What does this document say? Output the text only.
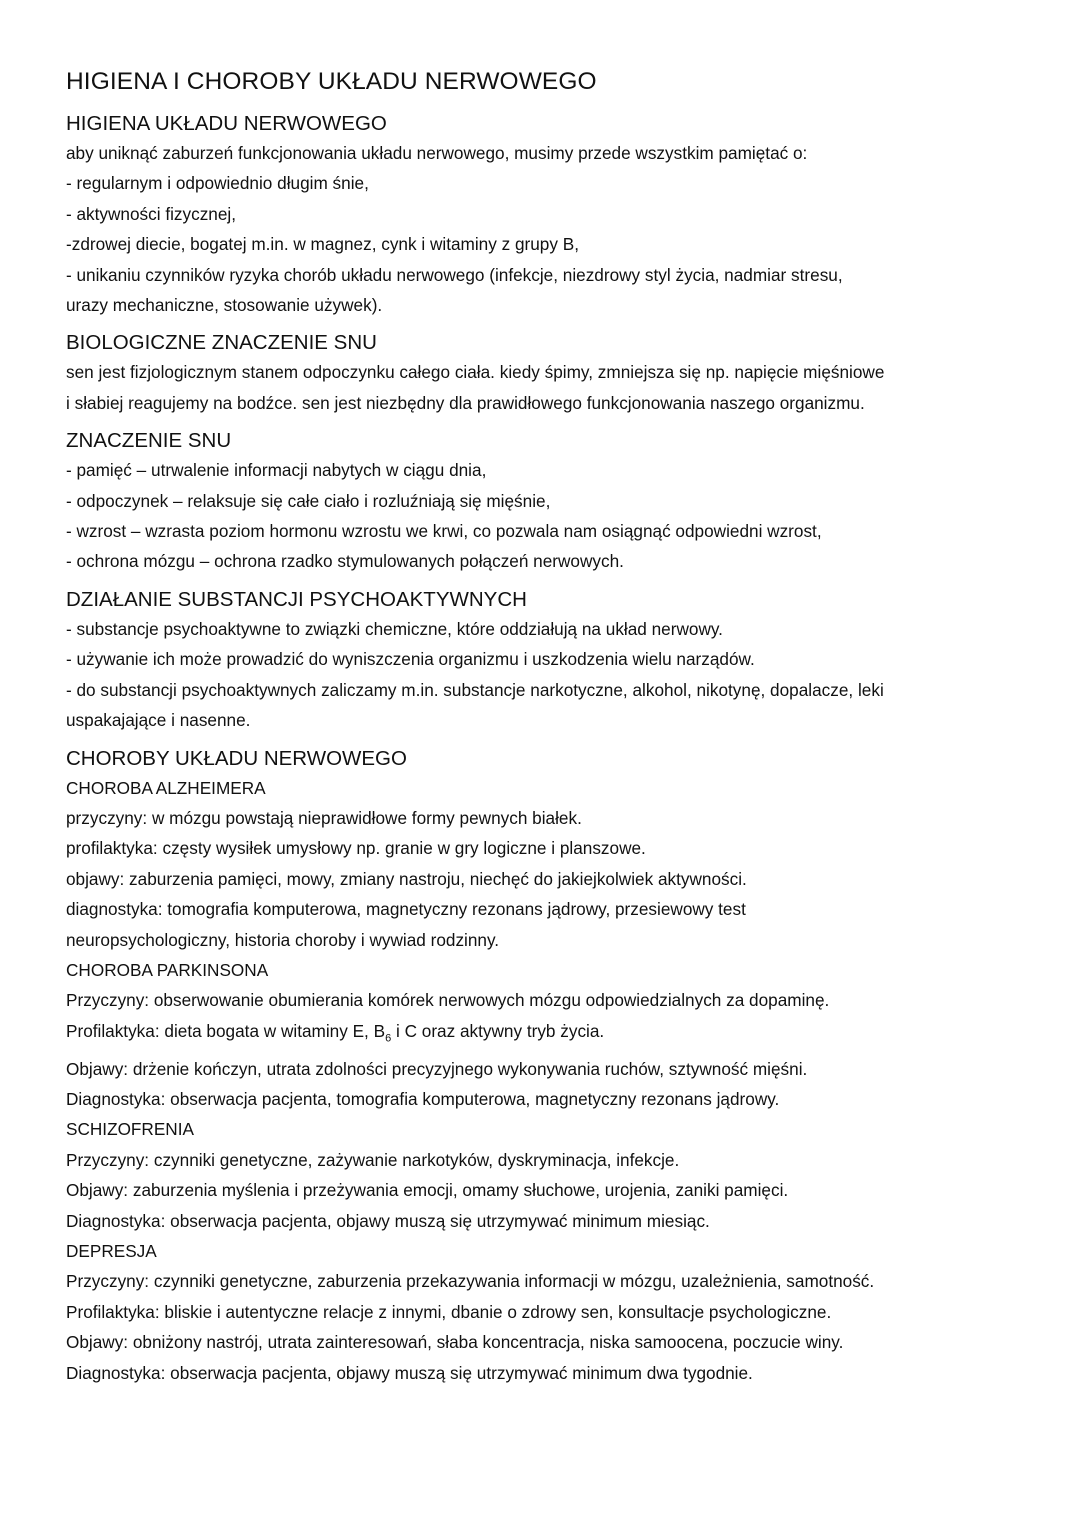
HIGIENA I CHOROBY UKŁADU NERWOWEGO
HIGIENA UKŁADU NERWOWEGO
aby uniknąć zaburzeń funkcjonowania układu nerwowego, musimy przede wszystkim pamiętać o:
- regularnym i odpowiednio długim śnie,
- aktywności fizycznej,
-zdrowej diecie, bogatej m.in. w magnez, cynk i witaminy z grupy B,
- unikaniu czynników ryzyka chorób układu nerwowego (infekcje, niezdrowy styl życia, nadmiar stresu,
urazy mechaniczne, stosowanie używek).
BIOLOGICZNE ZNACZENIE SNU
sen jest fizjologicznym stanem odpoczynku całego ciała. kiedy śpimy, zmniejsza się np. napięcie mięśniowe
i słabiej reagujemy na bodźce. sen jest niezbędny dla prawidłowego funkcjonowania naszego organizmu.
ZNACZENIE SNU
- pamięć – utrwalenie informacji nabytych w ciągu dnia,
- odpoczynek – relaksuje się całe ciało i rozluźniają się mięśnie,
- wzrost – wzrasta poziom hormonu wzrostu we krwi, co pozwala nam osiągnąć odpowiedni wzrost,
- ochrona mózgu – ochrona rzadko stymulowanych połączeń nerwowych.
DZIAŁANIE SUBSTANCJI PSYCHOAKTYWNYCH
- substancje psychoaktywne to związki chemiczne, które oddziałują na układ nerwowy.
- używanie ich może prowadzić do wyniszczenia organizmu i uszkodzenia wielu narządów.
- do substancji psychoaktywnych zaliczamy m.in. substancje narkotyczne, alkohol, nikotynę, dopalacze, leki
uspakajające i nasenne.
CHOROBY UKŁADU NERWOWEGO
CHOROBA ALZHEIMERA
przyczyny: w mózgu powstają nieprawidłowe formy pewnych białek.
profilaktyka: częsty wysiłek umysłowy np. granie w gry logiczne i planszowe.
objawy: zaburzenia pamięci, mowy, zmiany nastroju, niechęć do jakiejkolwiek aktywności.
diagnostyka: tomografia komputerowa, magnetyczny rezonans jądrowy, przesiewowy test
neuropsychologiczny, historia choroby i wywiad rodzinny.
CHOROBA PARKINSONA
Przyczyny: obserwowanie obumierania komórek nerwowych mózgu odpowiedzialnych za dopaminę.
Profilaktyka: dieta bogata w witaminy E, $B_6$ i C oraz aktywny tryb życia.
Objawy: drżenie kończyn, utrata zdolności precyzyjnego wykonywania ruchów, sztywność mięśni.
Diagnostyka: obserwacja pacjenta, tomografia komputerowa, magnetyczny rezonans jądrowy.
SCHIZOFRENIA
Przyczyny: czynniki genetyczne, zażywanie narkotyków, dyskryminacja, infekcje.
Objawy: zaburzenia myślenia i przeżywania emocji, omamy słuchowe, urojenia, zaniki pamięci.
Diagnostyka: obserwacja pacjenta, objawy muszą się utrzymywać minimum miesiąc.
DEPRESJA
Przyczyny: czynniki genetyczne, zaburzenia przekazywania informacji w mózgu, uzależnienia, samotność.
Profilaktyka: bliskie i autentyczne relacje z innymi, dbanie o zdrowy sen, konsultacje psychologiczne.
Objawy: obniżony nastrój, utrata zainteresowań, słaba koncentracja, niska samoocena, poczucie winy.
Diagnostyka: obserwacja pacjenta, objawy muszą się utrzymywać minimum dwa tygodnie.
